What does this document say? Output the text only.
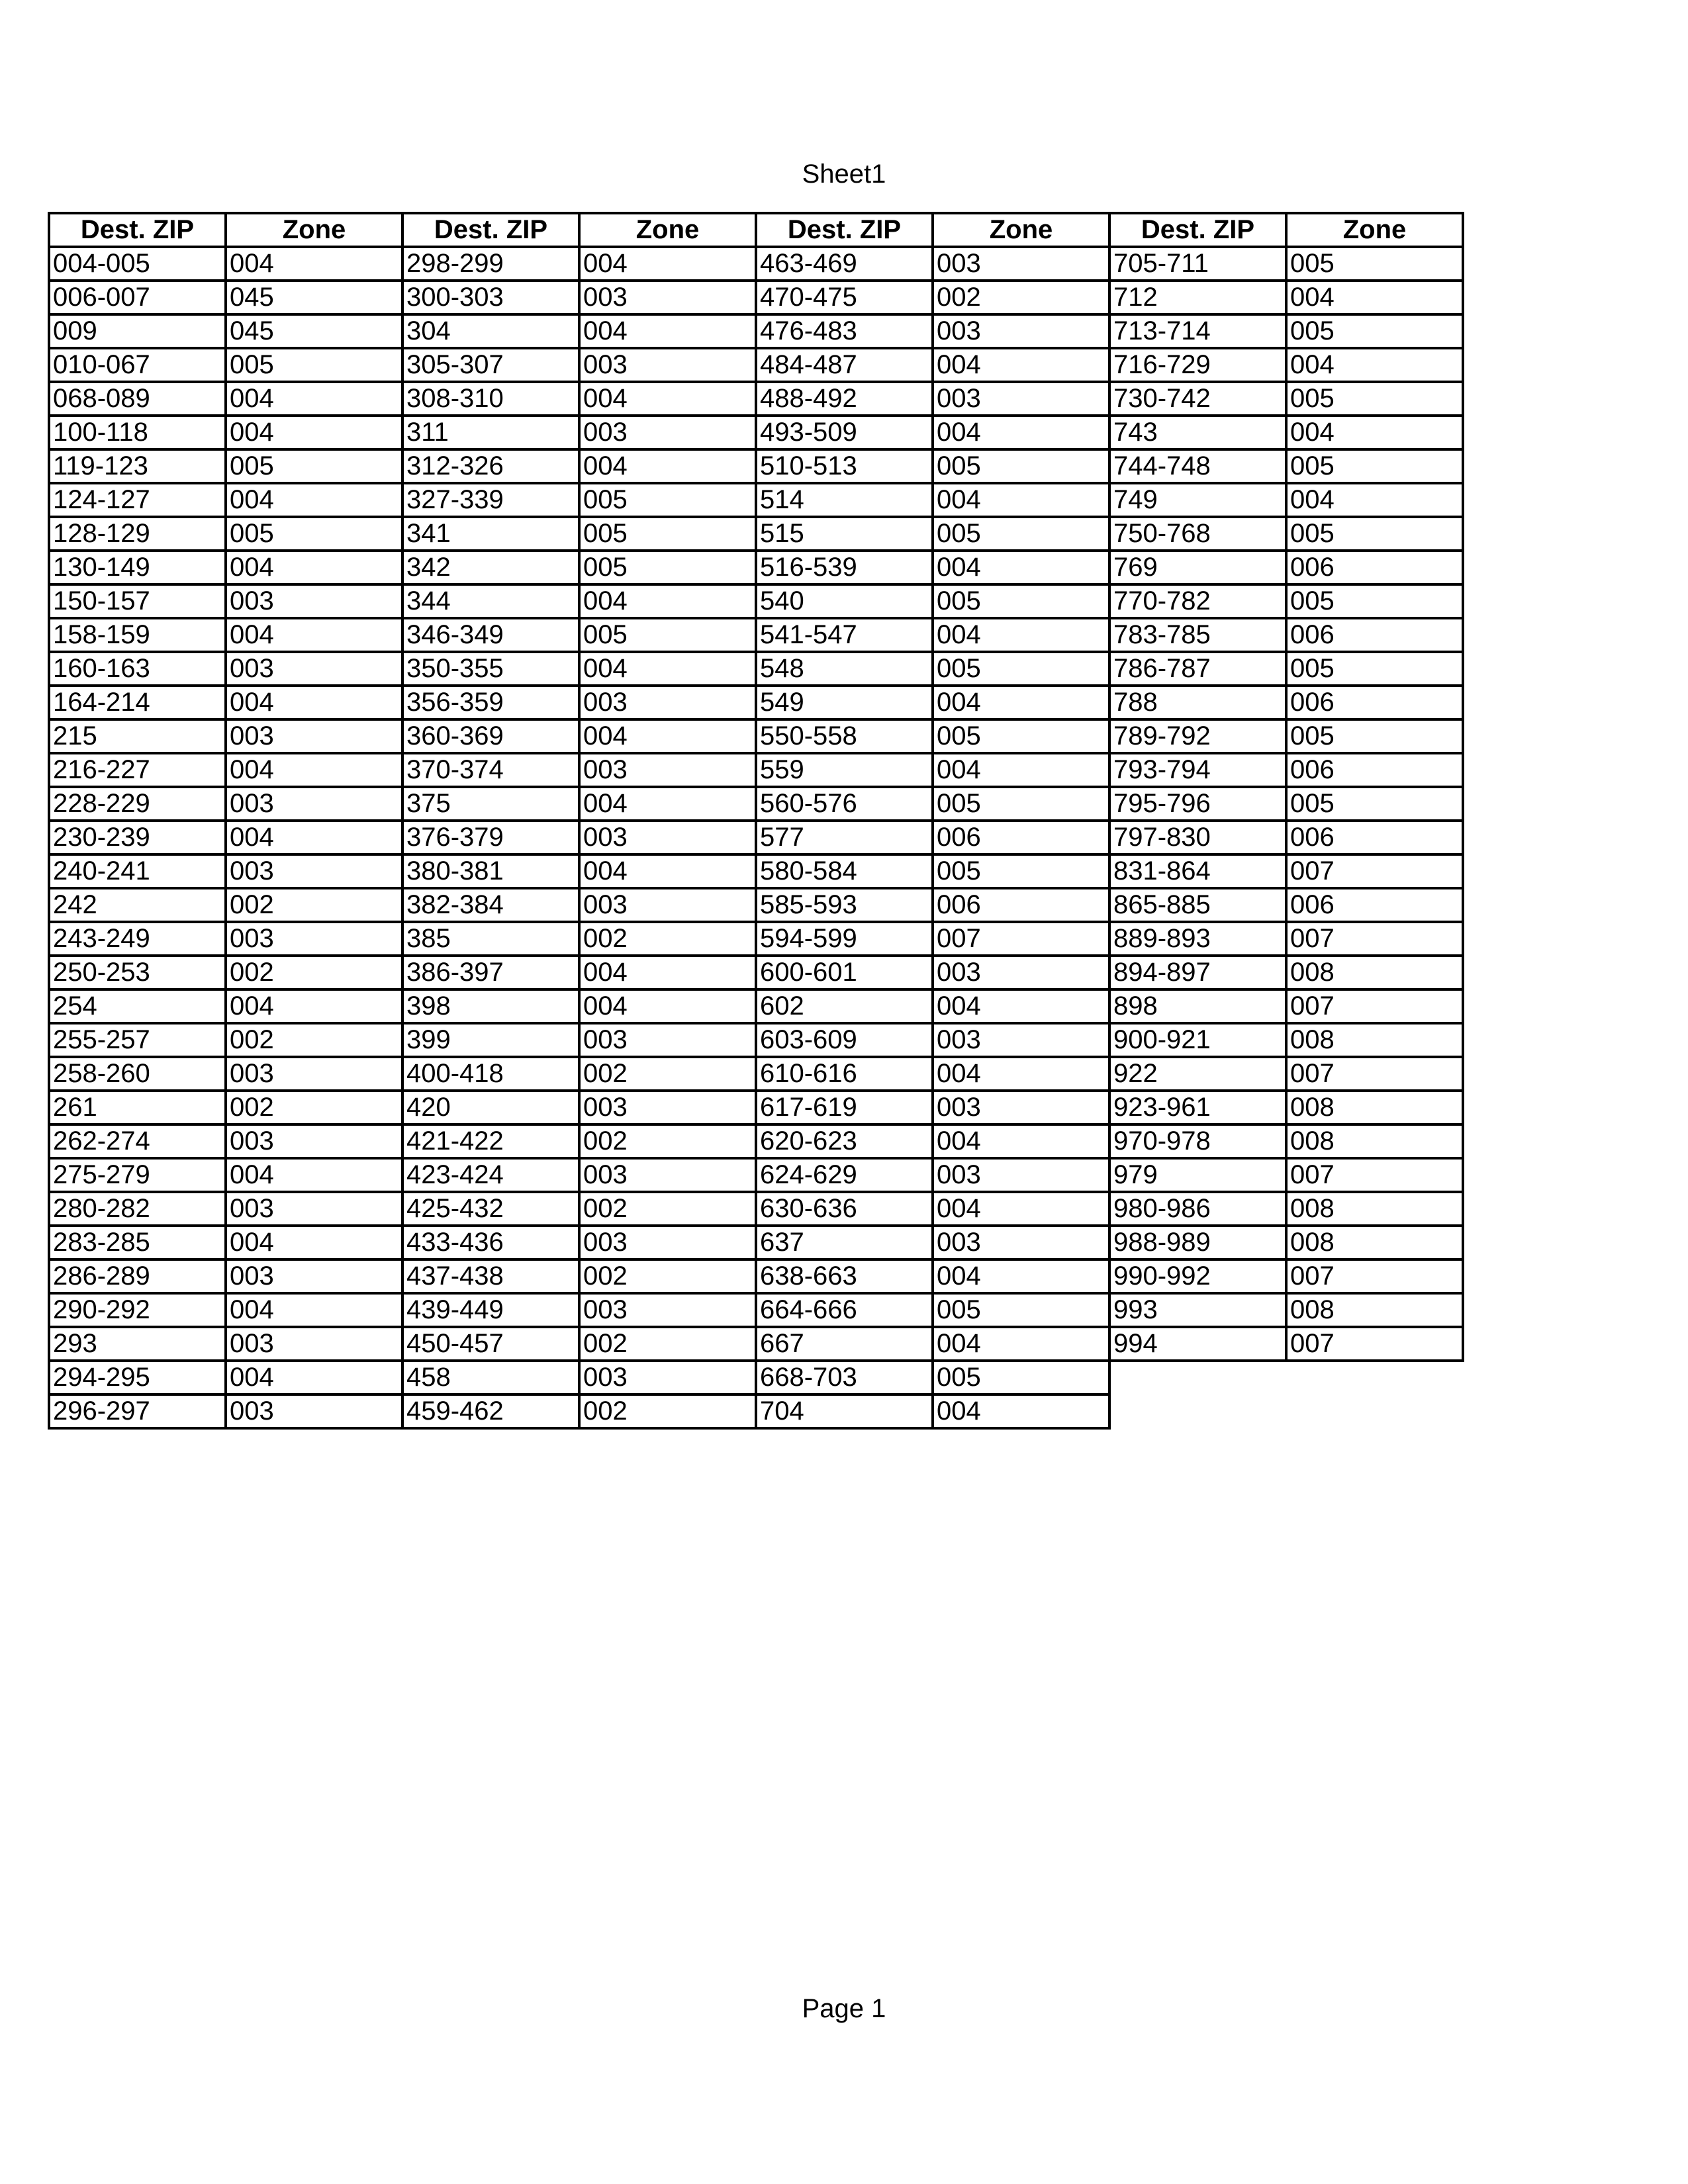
Sheet1
Dest. ZIP	Zone	Dest. ZIP	Zone	Dest. ZIP	Zone	Dest. ZIP	Zone
004-005	004	298-299	004	463-469	003	705-711	005
006-007	045	300-303	003	470-475	002	712	004
009	045	304	004	476-483	003	713-714	005
010-067	005	305-307	003	484-487	004	716-729	004
068-089	004	308-310	004	488-492	003	730-742	005
100-118	004	311	003	493-509	004	743	004
119-123	005	312-326	004	510-513	005	744-748	005
124-127	004	327-339	005	514	004	749	004
128-129	005	341	005	515	005	750-768	005
130-149	004	342	005	516-539	004	769	006
150-157	003	344	004	540	005	770-782	005
158-159	004	346-349	005	541-547	004	783-785	006
160-163	003	350-355	004	548	005	786-787	005
164-214	004	356-359	003	549	004	788	006
215	003	360-369	004	550-558	005	789-792	005
216-227	004	370-374	003	559	004	793-794	006
228-229	003	375	004	560-576	005	795-796	005
230-239	004	376-379	003	577	006	797-830	006
240-241	003	380-381	004	580-584	005	831-864	007
242	002	382-384	003	585-593	006	865-885	006
243-249	003	385	002	594-599	007	889-893	007
250-253	002	386-397	004	600-601	003	894-897	008
254	004	398	004	602	004	898	007
255-257	002	399	003	603-609	003	900-921	008
258-260	003	400-418	002	610-616	004	922	007
261	002	420	003	617-619	003	923-961	008
262-274	003	421-422	002	620-623	004	970-978	008
275-279	004	423-424	003	624-629	003	979	007
280-282	003	425-432	002	630-636	004	980-986	008
283-285	004	433-436	003	637	003	988-989	008
286-289	003	437-438	002	638-663	004	990-992	007
290-292	004	439-449	003	664-666	005	993	008
293	003	450-457	002	667	004	994	007
294-295	004	458	003	668-703	005		
296-297	003	459-462	002	704	004		
Page 1
